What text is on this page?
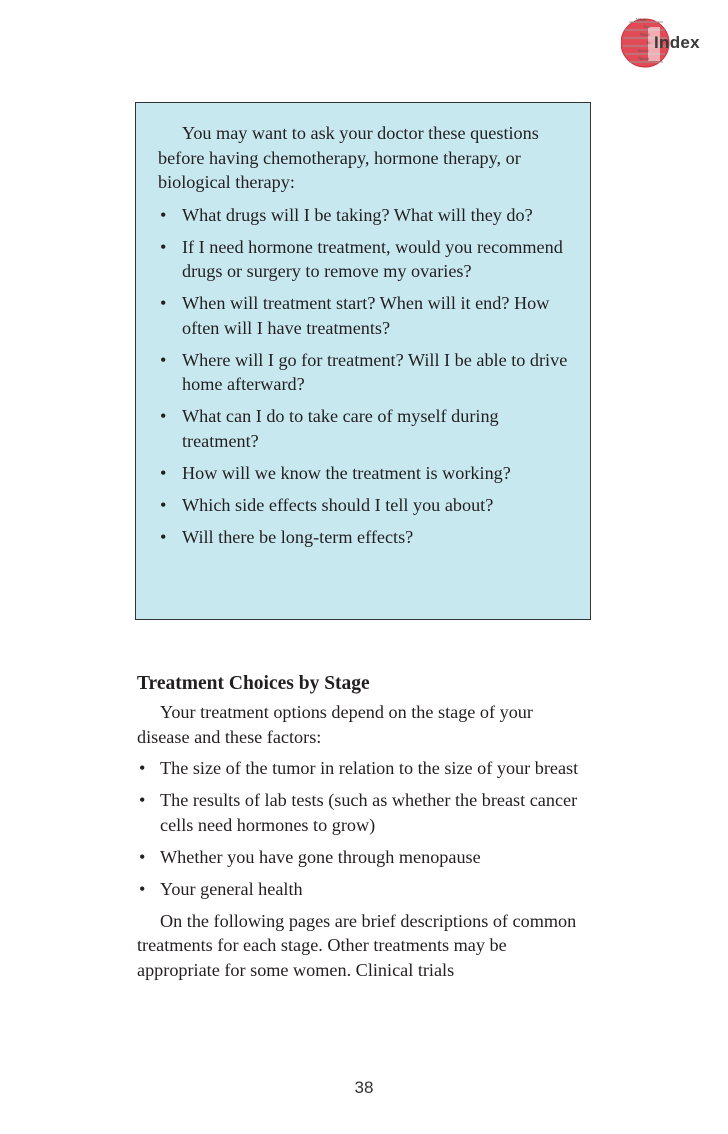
What
You
Need
To
Know
About
Index

You may want to ask your doctor these questions before having chemotherapy, hormone therapy, or biological therapy:

• What drugs will I be taking? What will they do?
• If I need hormone treatment, would you recommend drugs or surgery to remove my ovaries?
• When will treatment start? When will it end? How often will I have treatments?
• Where will I go for treatment? Will I be able to drive home afterward?
• What can I do to take care of myself during treatment?
• How will we know the treatment is working?
• Which side effects should I tell you about?
• Will there be long-term effects?
Treatment Choices by Stage

Your treatment options depend on the stage of your disease and these factors:

• The size of the tumor in relation to the size of your breast
• The results of lab tests (such as whether the breast cancer cells need hormones to grow)
• Whether you have gone through menopause
• Your general health

On the following pages are brief descriptions of common treatments for each stage. Other treatments may be appropriate for some women. Clinical trials

38
